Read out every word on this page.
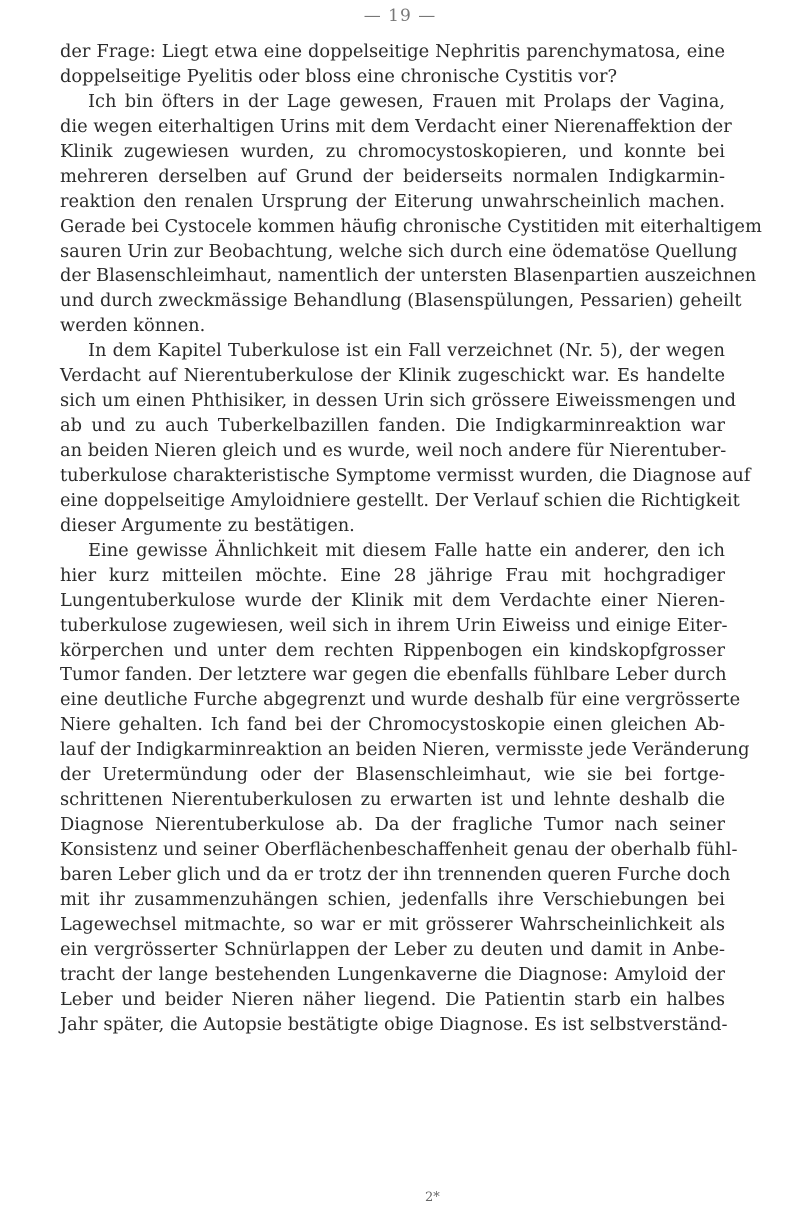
— 19 —
der Frage: Liegt etwa eine doppelseitige Nephritis parenchymatosa, eine
doppelseitige Pyelitis oder bloss eine chronische Cystitis vor?
Ich bin öfters in der Lage gewesen, Frauen mit Prolaps der Vagina,
die wegen eiterhaltigen Urins mit dem Verdacht einer Nierenaffektion der
Klinik zugewiesen wurden, zu chromocystoskopieren, und konnte bei
mehreren derselben auf Grund der beiderseits normalen Indigkarmin-
reaktion den renalen Ursprung der Eiterung unwahrscheinlich machen.
Gerade bei Cystocele kommen häufig chronische Cystitiden mit eiterhaltigem
sauren Urin zur Beobachtung, welche sich durch eine ödematöse Quellung
der Blasenschleimhaut, namentlich der untersten Blasenpartien auszeichnen
und durch zweckmässige Behandlung (Blasenspülungen, Pessarien) geheilt
werden können.
In dem Kapitel Tuberkulose ist ein Fall verzeichnet (Nr. 5), der wegen
Verdacht auf Nierentuberkulose der Klinik zugeschickt war. Es handelte
sich um einen Phthisiker, in dessen Urin sich grössere Eiweissmengen und
ab und zu auch Tuberkelbazillen fanden. Die Indigkarminreaktion war
an beiden Nieren gleich und es wurde, weil noch andere für Nierentuber-
tuberkulose charakteristische Symptome vermisst wurden, die Diagnose auf
eine doppelseitige Amyloidniere gestellt. Der Verlauf schien die Richtigkeit
dieser Argumente zu bestätigen.
Eine gewisse Ähnlichkeit mit diesem Falle hatte ein anderer, den ich
hier kurz mitteilen möchte. Eine 28 jährige Frau mit hochgradiger
Lungentuberkulose wurde der Klinik mit dem Verdachte einer Nieren-
tuberkulose zugewiesen, weil sich in ihrem Urin Eiweiss und einige Eiter-
körperchen und unter dem rechten Rippenbogen ein kindskopfgrosser
Tumor fanden. Der letztere war gegen die ebenfalls fühlbare Leber durch
eine deutliche Furche abgegrenzt und wurde deshalb für eine vergrösserte
Niere gehalten. Ich fand bei der Chromocystoskopie einen gleichen Ab-
lauf der Indigkarminreaktion an beiden Nieren, vermisste jede Veränderung
der Uretermündung oder der Blasenschleimhaut, wie sie bei fortge-
schrittenen Nierentuberkulosen zu erwarten ist und lehnte deshalb die
Diagnose Nierentuberkulose ab. Da der fragliche Tumor nach seiner
Konsistenz und seiner Oberflächenbeschaffenheit genau der oberhalb fühl-
baren Leber glich und da er trotz der ihn trennenden queren Furche doch
mit ihr zusammenzuhängen schien, jedenfalls ihre Verschiebungen bei
Lagewechsel mitmachte, so war er mit grösserer Wahrscheinlichkeit als
ein vergrösserter Schnürlappen der Leber zu deuten und damit in Anbe-
tracht der lange bestehenden Lungenkaverne die Diagnose: Amyloid der
Leber und beider Nieren näher liegend. Die Patientin starb ein halbes
Jahr später, die Autopsie bestätigte obige Diagnose. Es ist selbstverständ-
2*
